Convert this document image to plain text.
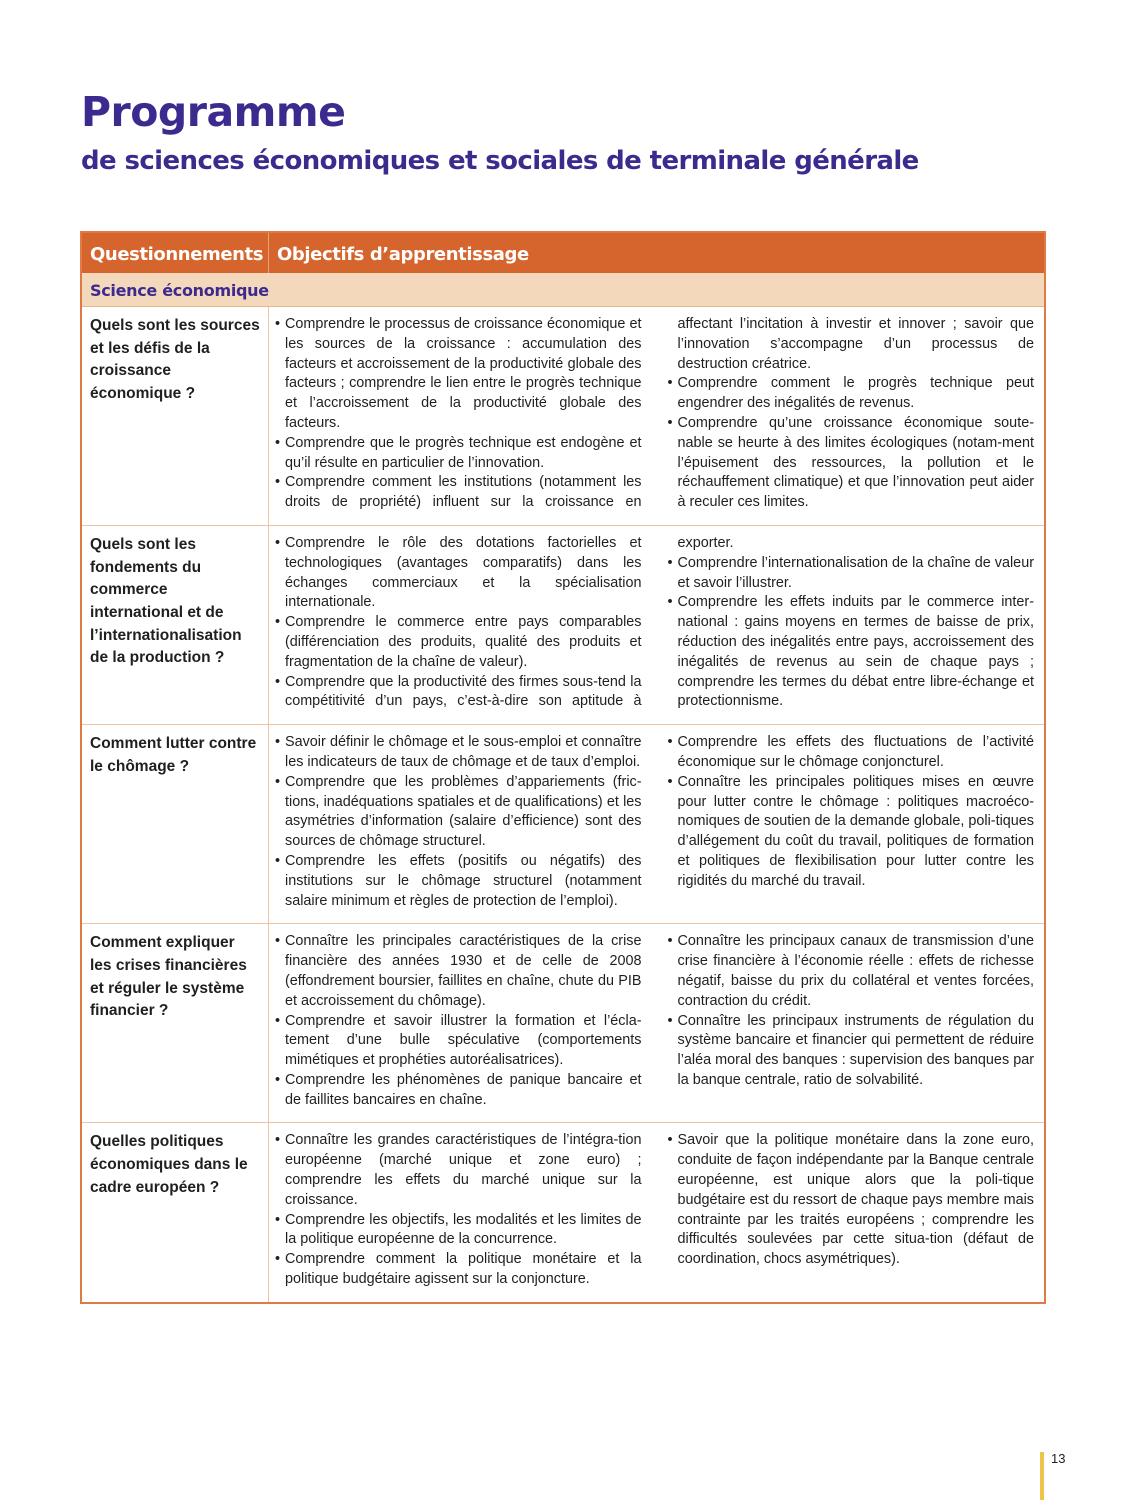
Programme
de sciences économiques et sociales de terminale générale
Questionnements	Objectifs d’apprentissage
Science économique	
Quels sont les sources et les défis de la croissance économique ?	
• Comprendre le processus de croissance économique et les sources de la croissance : accumulation des facteurs et accroissement de la productivité globale des facteurs ; comprendre le lien entre le progrès technique et l’accroissement de la productivité globale des facteurs.
• Comprendre que le progrès technique est endogène et qu’il résulte en particulier de l’innovation.
• Comprendre comment les institutions (notamment les droits de propriété) influent sur la croissance en affectant l’incitation à investir et innover ; savoir que l’innovation s’accompagne d’un processus de destruction créatrice.
• Comprendre comment le progrès technique peut engendrer des inégalités de revenus.
• Comprendre qu’une croissance économique soute-nable se heurte à des limites écologiques (notam-ment l’épuisement des ressources, la pollution et le réchauffement climatique) et que l’innovation peut aider à reculer ces limites.

Quels sont les fondements du commerce international et de l’internationalisation de la production ?	
• Comprendre le rôle des dotations factorielles et technologiques (avantages comparatifs) dans les échanges commerciaux et la spécialisation internationale.
• Comprendre le commerce entre pays comparables (différenciation des produits, qualité des produits et fragmentation de la chaîne de valeur).
• Comprendre que la productivité des firmes sous-tend la compétitivité d’un pays, c’est-à-dire son aptitude à exporter.
• Comprendre l’internationalisation de la chaîne de valeur et savoir l’illustrer.
• Comprendre les effets induits par le commerce inter-national : gains moyens en termes de baisse de prix, réduction des inégalités entre pays, accroissement des inégalités de revenus au sein de chaque pays ; comprendre les termes du débat entre libre-échange et protectionnisme.

Comment lutter contre le chômage ?	
• Savoir définir le chômage et le sous-emploi et connaître les indicateurs de taux de chômage et de taux d’emploi.
• Comprendre que les problèmes d’appariements (fric-tions, inadéquations spatiales et de qualifications) et les asymétries d’information (salaire d’efficience) sont des sources de chômage structurel.
• Comprendre les effets (positifs ou négatifs) des institutions sur le chômage structurel (notamment salaire minimum et règles de protection de l’emploi).
• Comprendre les effets des fluctuations de l’activité économique sur le chômage conjoncturel.
• Connaître les principales politiques mises en œuvre pour lutter contre le chômage : politiques macroéco-nomiques de soutien de la demande globale, poli-tiques d’allégement du coût du travail, politiques de formation et politiques de flexibilisation pour lutter contre les rigidités du marché du travail.

Comment expliquer les crises financières et réguler le système financier ?	
• Connaître les principales caractéristiques de la crise financière des années 1930 et de celle de 2008 (effondrement boursier, faillites en chaîne, chute du PIB et accroissement du chômage).
• Comprendre et savoir illustrer la formation et l’écla-tement d’une bulle spéculative (comportements mimétiques et prophéties autoréalisatrices).
• Comprendre les phénomènes de panique bancaire et de faillites bancaires en chaîne.
• Connaître les principaux canaux de transmission d’une crise financière à l’économie réelle : effets de richesse négatif, baisse du prix du collatéral et ventes forcées, contraction du crédit.
• Connaître les principaux instruments de régulation du système bancaire et financier qui permettent de réduire l’aléa moral des banques : supervision des banques par la banque centrale, ratio de solvabilité.

Quelles politiques économiques dans le cadre européen ?	
• Connaître les grandes caractéristiques de l’intégra-tion européenne (marché unique et zone euro) ; comprendre les effets du marché unique sur la croissance.
• Comprendre les objectifs, les modalités et les limites de la politique européenne de la concurrence.
• Comprendre comment la politique monétaire et la politique budgétaire agissent sur la conjoncture.
• Savoir que la politique monétaire dans la zone euro, conduite de façon indépendante par la Banque centrale européenne, est unique alors que la poli-tique budgétaire est du ressort de chaque pays membre mais contrainte par les traités européens ; comprendre les difficultés soulevées par cette situa-tion (défaut de coordination, chocs asymétriques).
13
